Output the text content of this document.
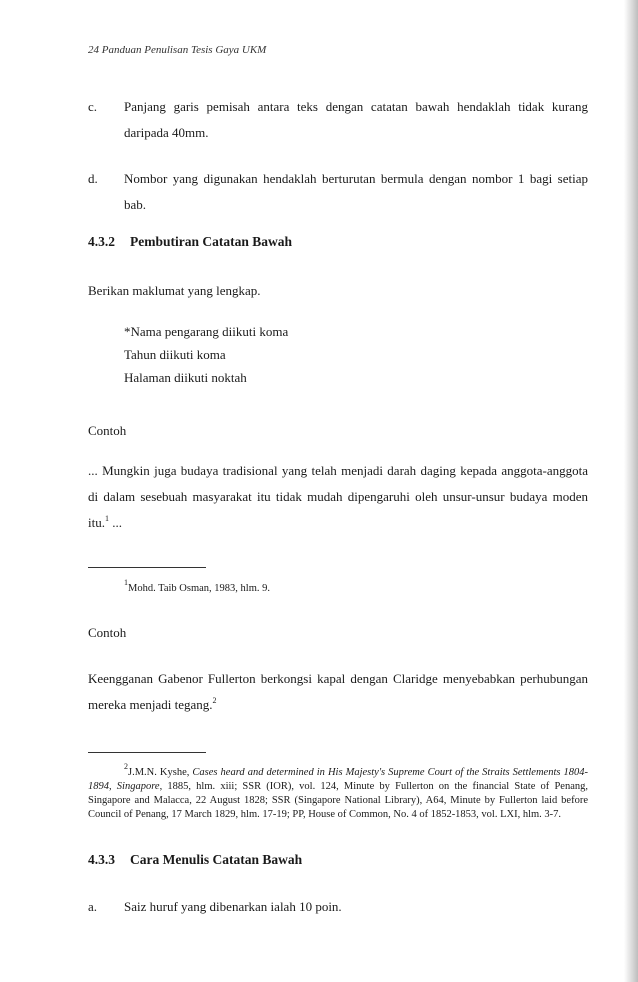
24 Panduan Penulisan Tesis Gaya UKM
c. Panjang garis pemisah antara teks dengan catatan bawah hendaklah tidak kurang daripada 40mm.
d. Nombor yang digunakan hendaklah berturutan bermula dengan nombor 1 bagi setiap bab.
4.3.2 Pembutiran Catatan Bawah
Berikan maklumat yang lengkap.
*Nama pengarang diikuti koma
Tahun diikuti koma
Halaman diikuti noktah
Contoh
... Mungkin juga budaya tradisional yang telah menjadi darah daging kepada anggota-anggota di dalam sesebuah masyarakat itu tidak mudah dipengaruhi oleh unsur-unsur budaya moden itu.$^1$ ...
$^1$Mohd. Taib Osman, 1983, hlm. 9.
Contoh
Keengganan Gabenor Fullerton berkongsi kapal dengan Claridge menyebabkan perhubungan mereka menjadi tegang.$^2$
$^2$J.M.N. Kyshe, Cases heard and determined in His Majesty's Supreme Court of the Straits Settlements 1804-1894, Singapore, 1885, hlm. xiii; SSR (IOR), vol. 124, Minute by Fullerton on the financial State of Penang, Singapore and Malacca, 22 August 1828; SSR (Singapore National Library), A64, Minute by Fullerton laid before Council of Penang, 17 March 1829, hlm. 17-19; PP, House of Common, No. 4 of 1852-1853, vol. LXI, hlm. 3-7.
4.3.3 Cara Menulis Catatan Bawah
a. Saiz huruf yang dibenarkan ialah 10 poin.
